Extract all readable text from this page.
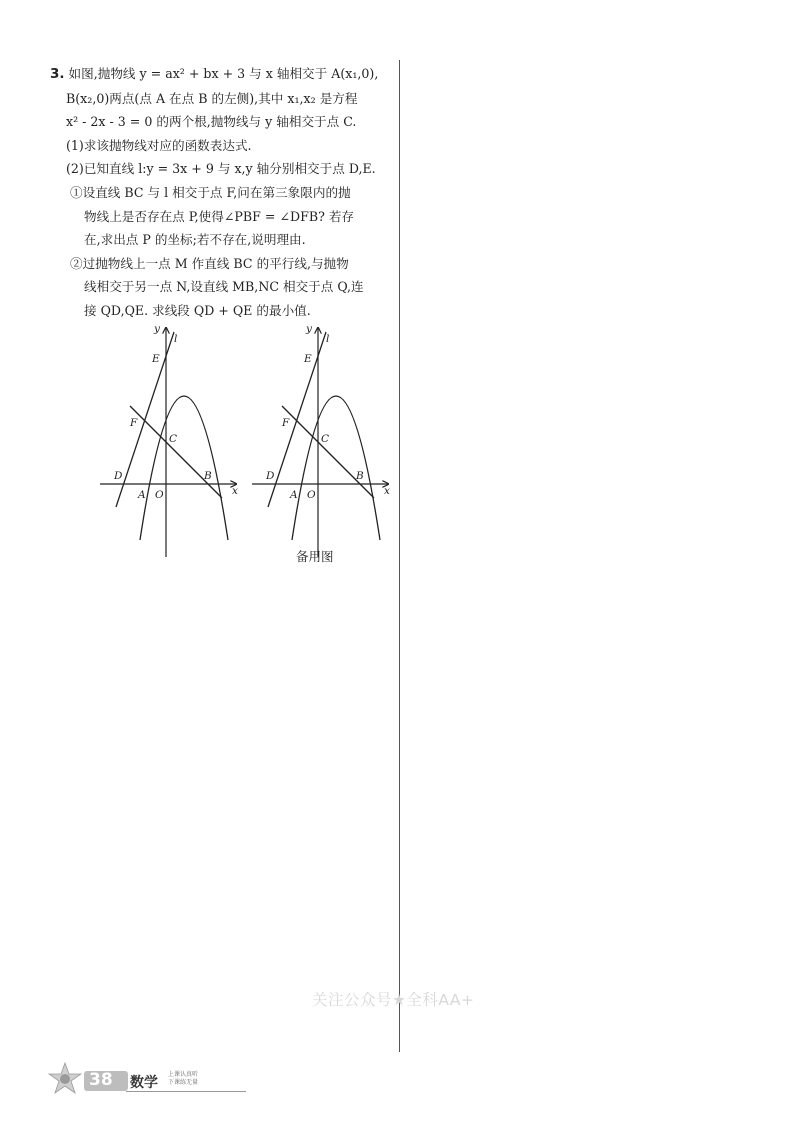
3. 如图,抛物线 y = ax² + bx + 3 与 x 轴相交于 A(x₁,0),
B(x₂,0)两点(点 A 在点 B 的左侧),其中 x₁,x₂ 是方程
x² - 2x - 3 = 0 的两个根,抛物线与 y 轴相交于点 C.
(1)求该抛物线对应的函数表达式.
(2)已知直线 l:y = 3x + 9 与 x,y 轴分别相交于点 D,E.
①设直线 BC 与 l 相交于点 F,问在第三象限内的抛
物线上是否存在点 P,使得∠PBF = ∠DFB? 若存
在,求出点 P 的坐标;若不存在,说明理由.
②过抛物线上一点 M 作直线 BC 的平行线,与抛物
线相交于另一点 N,设直线 MB,NC 相交于点 Q,连
接 QD,QE. 求线段 QD + QE 的最小值.
y
l
E
F
C
D
A O
B
x
y
l
E
F
C
D
A O
B
x
备用图
关注公众号★全科AA+
38 数学
上课认真听
下课练无量
